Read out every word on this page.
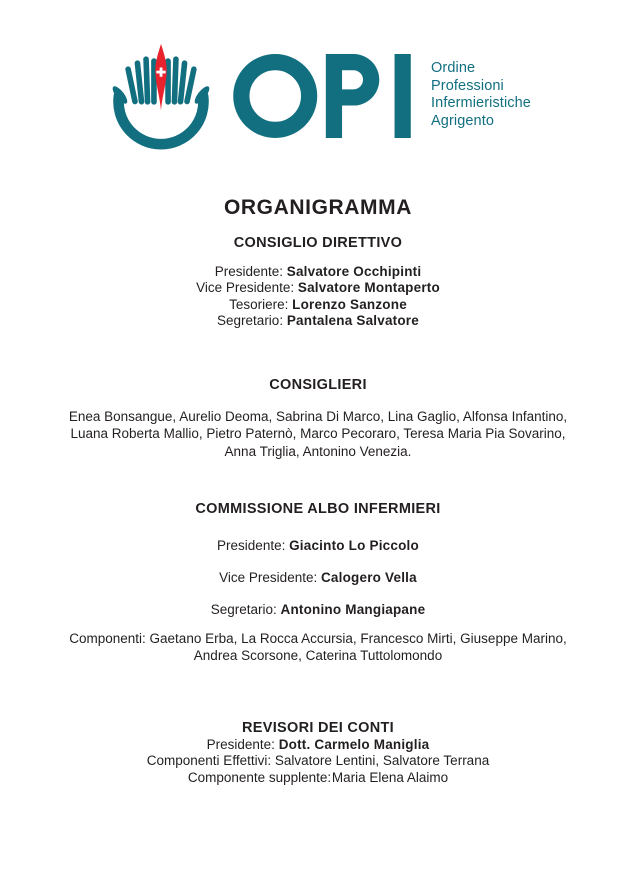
Ordine
Professioni
Infermieristiche
Agrigento
ORGANIGRAMMA
CONSIGLIO DIRETTIVO
Presidente: Salvatore Occhipinti
Vice Presidente: Salvatore Montaperto
Tesoriere: Lorenzo Sanzone
Segretario: Pantalena Salvatore
CONSIGLIERI
Enea Bonsangue, Aurelio Deoma, Sabrina Di Marco, Lina Gaglio, Alfonsa Infantino,
Luana Roberta Mallio, Pietro Paternò, Marco Pecoraro, Teresa Maria Pia Sovarino,
Anna Triglia, Antonino Venezia.
COMMISSIONE ALBO INFERMIERI
Presidente: Giacinto Lo Piccolo
Vice Presidente: Calogero Vella
Segretario: Antonino Mangiapane
Componenti: Gaetano Erba, La Rocca Accursia, Francesco Mirti, Giuseppe Marino,
Andrea Scorsone, Caterina Tuttolomondo
REVISORI DEI CONTI
Presidente: Dott. Carmelo Maniglia
Componenti Effettivi: Salvatore Lentini, Salvatore Terrana
Componente supplente:Maria Elena Alaimo
